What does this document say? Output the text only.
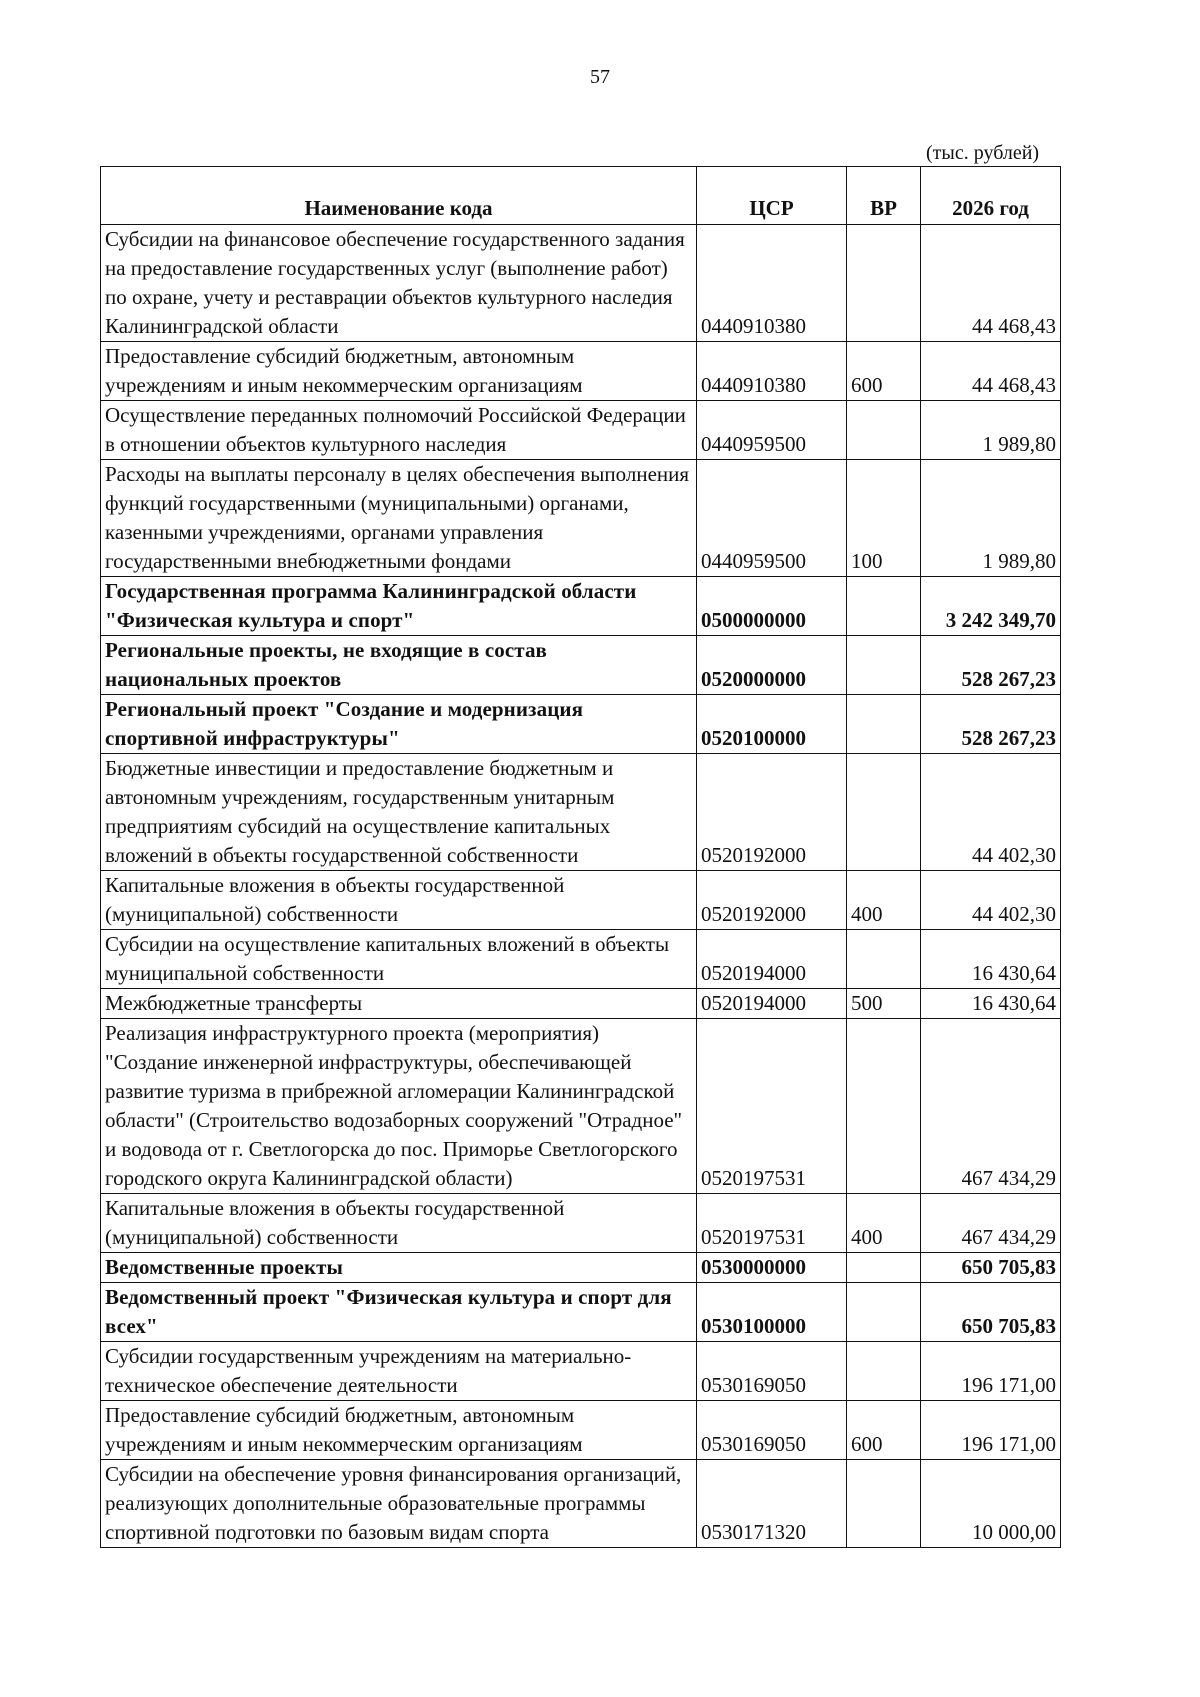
57
(тыс. рублей)
Наименование кода	ЦСР	ВР	2026 год
Субсидии на финансовое обеспечение государственного задания на предоставление государственных услуг (выполнение работ) по охране, учету и реставрации объектов культурного наследия Калининградской области	0440910380		44 468,43
Предоставление субсидий бюджетным, автономным учреждениям и иным некоммерческим организациям	0440910380	600	44 468,43
Осуществление переданных полномочий Российской Федерации в отношении объектов культурного наследия	0440959500		1 989,80
Расходы на выплаты персоналу в целях обеспечения выполнения функций государственными (муниципальными) органами, казенными учреждениями, органами управления государственными внебюджетными фондами	0440959500	100	1 989,80
Государственная программа Калининградской области "Физическая культура и спорт"	0500000000		3 242 349,70
Региональные проекты, не входящие в состав национальных проектов	0520000000		528 267,23
Региональный проект "Создание и модернизация спортивной инфраструктуры"	0520100000		528 267,23
Бюджетные инвестиции и предоставление бюджетным и автономным учреждениям, государственным унитарным предприятиям субсидий на осуществление капитальных вложений в объекты государственной собственности	0520192000		44 402,30
Капитальные вложения в объекты государственной (муниципальной) собственности	0520192000	400	44 402,30
Субсидии на осуществление капитальных вложений в объекты муниципальной собственности	0520194000		16 430,64
Межбюджетные трансферты	0520194000	500	16 430,64
Реализация инфраструктурного проекта (мероприятия) "Создание инженерной инфраструктуры, обеспечивающей развитие туризма в прибрежной агломерации Калининградской области" (Строительство водозаборных сооружений "Отрадное" и водовода от г. Светлогорска до пос. Приморье Светлогорского городского округа Калининградской области)	0520197531		467 434,29
Капитальные вложения в объекты государственной (муниципальной) собственности	0520197531	400	467 434,29
Ведомственные проекты	0530000000		650 705,83
Ведомственный проект "Физическая культура и спорт для всех"	0530100000		650 705,83
Субсидии государственным учреждениям на материально-техническое обеспечение деятельности	0530169050		196 171,00
Предоставление субсидий бюджетным, автономным учреждениям и иным некоммерческим организациям	0530169050	600	196 171,00
Субсидии на обеспечение уровня финансирования организаций, реализующих дополнительные образовательные программы спортивной подготовки по базовым видам спорта	0530171320		10 000,00
